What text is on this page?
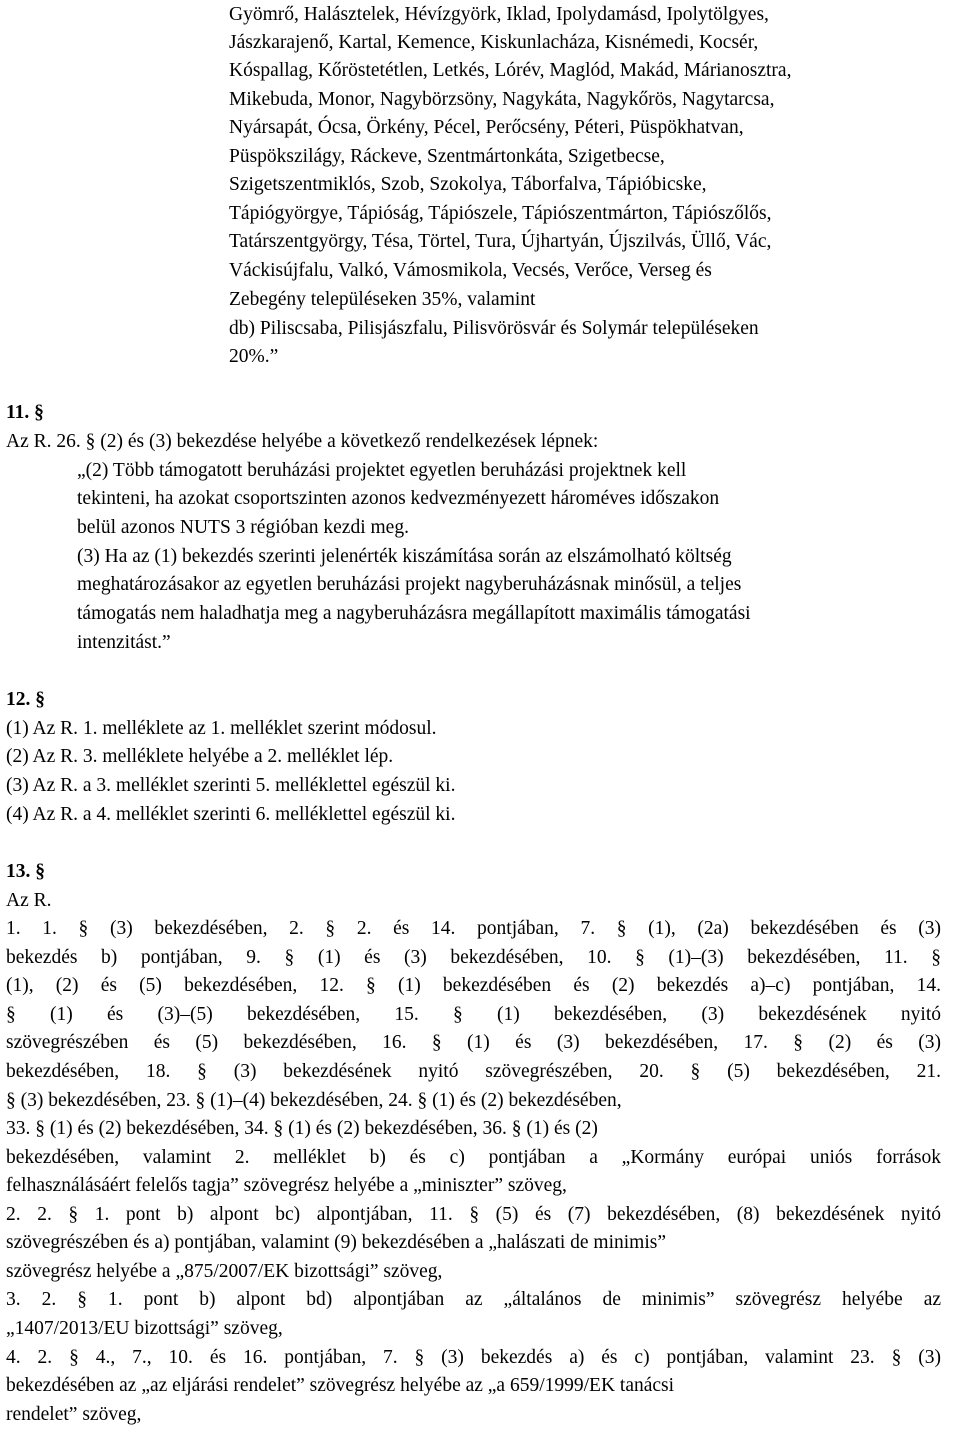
Gyömrő, Halásztelek, Hévízgyörk, Iklad, Ipolydamásd, Ipolytölgyes,
Jászkarajenő, Kartal, Kemence, Kiskunlacháza, Kisnémedi, Kocsér,
Kóspallag, Kőröstetétlen, Letkés, Lórév, Maglód, Makád, Márianosztra,
Mikebuda, Monor, Nagybörzsöny, Nagykáta, Nagykőrös, Nagytarcsa,
Nyársapát, Ócsa, Örkény, Pécel, Perőcsény, Péteri, Püspökhatvan,
Püspökszilágy, Ráckeve, Szentmártonkáta, Szigetbecse,
Szigetszentmiklós, Szob, Szokolya, Táborfalva, Tápióbicske,
Tápiógyörgye, Tápióság, Tápiószele, Tápiószentmárton, Tápiószőlős,
Tatárszentgyörgy, Tésa, Törtel, Tura, Újhartyán, Újszilvás, Üllő, Vác,
Váckisújfalu, Valkó, Vámosmikola, Vecsés, Verőce, Verseg és
Zebegény településeken 35%, valamint
db) Piliscsaba, Pilisjászfalu, Pilisvörösvár és Solymár településeken
20%.”
11. §
Az R. 26. § (2) és (3) bekezdése helyébe a következő rendelkezések lépnek:
„(2) Több támogatott beruházási projektet egyetlen beruházási projektnek kell
tekinteni, ha azokat csoportszinten azonos kedvezményezett hároméves időszakon
belül azonos NUTS 3 régióban kezdi meg.
(3) Ha az (1) bekezdés szerinti jelenérték kiszámítása során az elszámolható költség
meghatározásakor az egyetlen beruházási projekt nagyberuházásnak minősül, a teljes
támogatás nem haladhatja meg a nagyberuházásra megállapított maximális támogatási
intenzitást.”
12. §
(1) Az R. 1. melléklete az 1. melléklet szerint módosul.
(2) Az R. 3. melléklete helyébe a 2. melléklet lép.
(3) Az R. a 3. melléklet szerinti 5. melléklettel egészül ki.
(4) Az R. a 4. melléklet szerinti 6. melléklettel egészül ki.
13. §
Az R.
1. 1. § (3) bekezdésében, 2. § 2. és 14. pontjában, 7. § (1), (2a) bekezdésében és (3)
bekezdés b) pontjában, 9. § (1) és (3) bekezdésében, 10. § (1)–(3) bekezdésében, 11. §
(1), (2) és (5) bekezdésében, 12. § (1) bekezdésében és (2) bekezdés a)–c) pontjában, 14.
§ (1) és (3)–(5) bekezdésében, 15. § (1) bekezdésében, (3) bekezdésének nyitó
szövegrészében és (5) bekezdésében, 16. § (1) és (3) bekezdésében, 17. § (2) és (3)
bekezdésében, 18. § (3) bekezdésének nyitó szövegrészében, 20. § (5) bekezdésében, 21.
§ (3) bekezdésében, 23. § (1)–(4) bekezdésében, 24. § (1) és (2) bekezdésében,
33. § (1) és (2) bekezdésében, 34. § (1) és (2) bekezdésében, 36. § (1) és (2)
bekezdésében, valamint 2. melléklet b) és c) pontjában a „Kormány európai uniós források
felhasználásáért felelős tagja” szövegrész helyébe a „miniszter” szöveg,
2. 2. § 1. pont b) alpont bc) alpontjában, 11. § (5) és (7) bekezdésében, (8) bekezdésének nyitó
szövegrészében és a) pontjában, valamint (9) bekezdésében a „halászati de minimis”
szövegrész helyébe a „875/2007/EK bizottsági” szöveg,
3. 2. § 1. pont b) alpont bd) alpontjában az „általános de minimis” szövegrész helyébe az
„1407/2013/EU bizottsági” szöveg,
4. 2. § 4., 7., 10. és 16. pontjában, 7. § (3) bekezdés a) és c) pontjában, valamint 23. § (3)
bekezdésében az „az eljárási rendelet” szövegrész helyébe az „a 659/1999/EK tanácsi
rendelet” szöveg,
